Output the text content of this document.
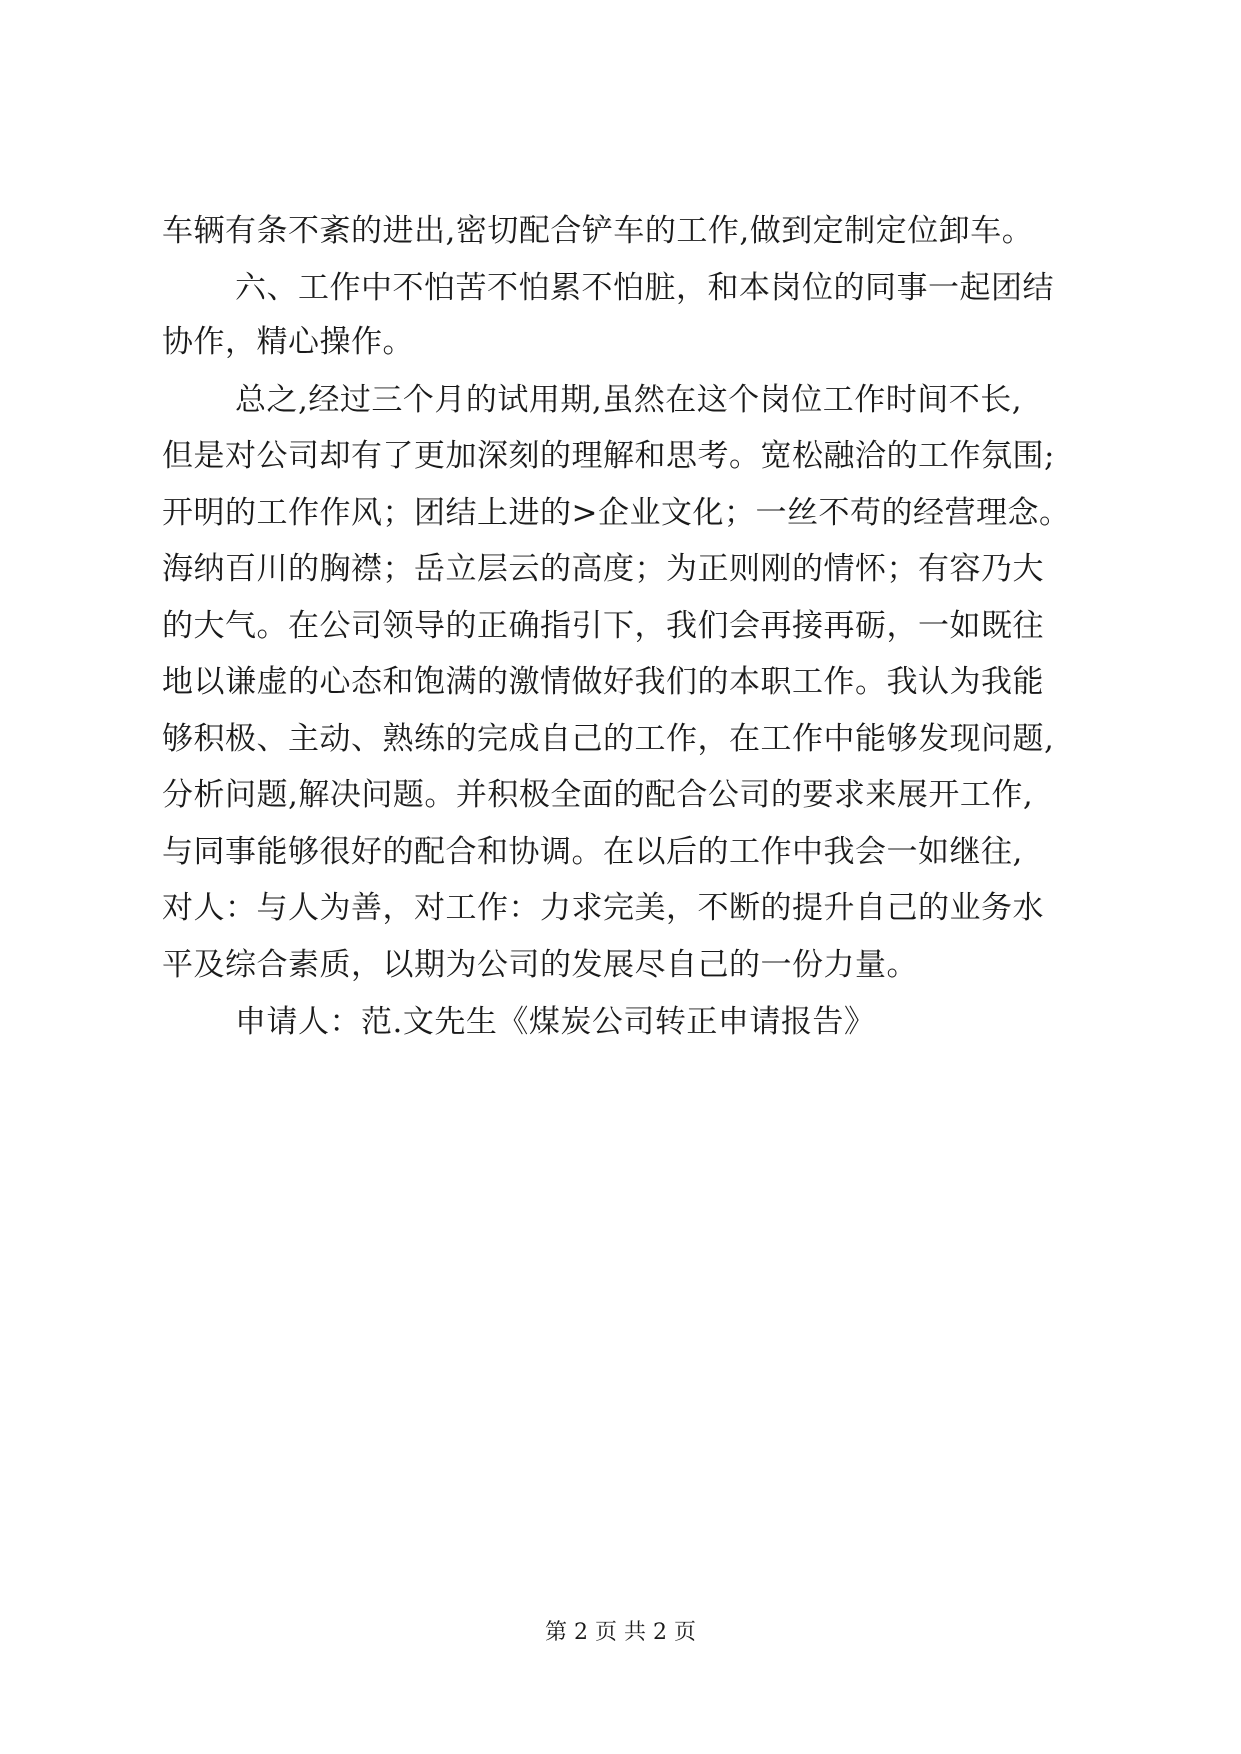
车辆有条不紊的进出,密切配合铲车的工作,做到定制定位卸车。
六、工作中不怕苦不怕累不怕脏，和本岗位的同事一起团结
协作，精心操作。
总之,经过三个月的试用期,虽然在这个岗位工作时间不长,
但是对公司却有了更加深刻的理解和思考。宽松融洽的工作氛围;
开明的工作作风；团结上进的>企业文化；一丝不苟的经营理念。
海纳百川的胸襟；岳立层云的高度；为正则刚的情怀；有容乃大
的大气。在公司领导的正确指引下，我们会再接再砺，一如既往
地以谦虚的心态和饱满的激情做好我们的本职工作。我认为我能
够积极、主动、熟练的完成自己的工作，在工作中能够发现问题,
分析问题,解决问题。并积极全面的配合公司的要求来展开工作,
与同事能够很好的配合和协调。在以后的工作中我会一如继往,
对人：与人为善，对工作：力求完美，不断的提升自己的业务水
平及综合素质，以期为公司的发展尽自己的一份力量。
申请人：范.文先生《煤炭公司转正申请报告》
第 2 页 共 2 页
